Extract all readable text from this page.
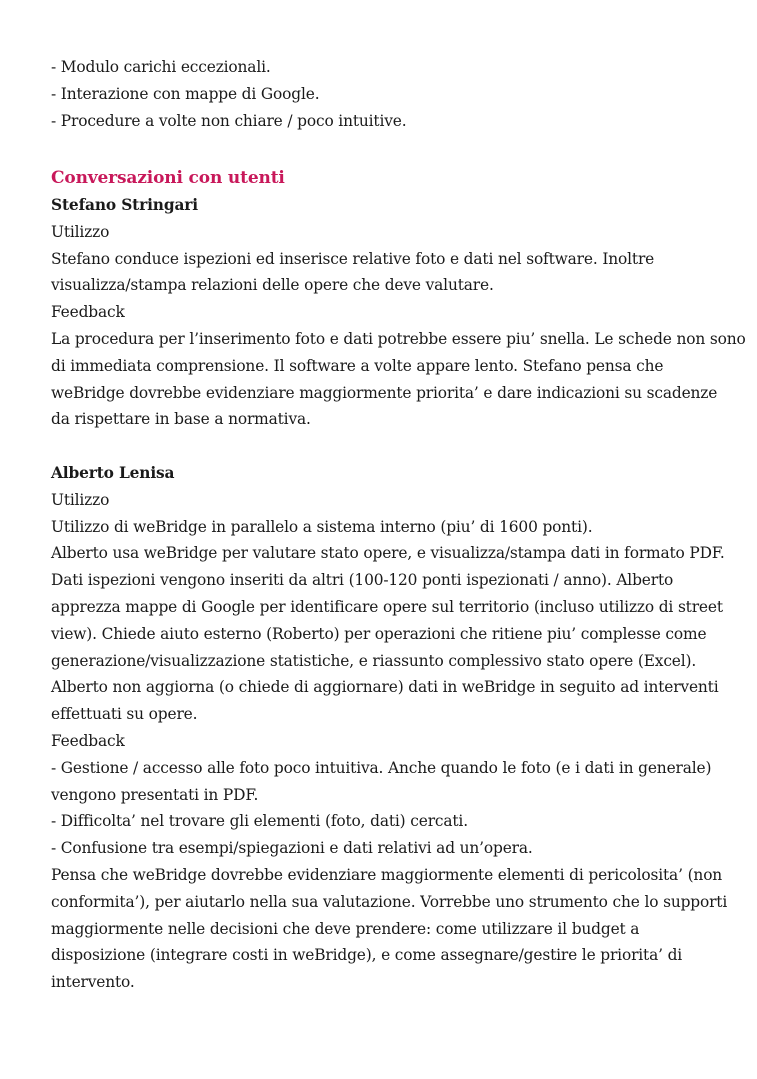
- Modulo carichi eccezionali.
- Interazione con mappe di Google.
- Procedure a volte non chiare / poco intuitive.
Conversazioni con utenti
Stefano Stringari
Utilizzo
Stefano conduce ispezioni ed inserisce relative foto e dati nel software. Inoltre
visualizza/stampa relazioni delle opere che deve valutare.
Feedback
La procedura per l’inserimento foto e dati potrebbe essere piu’ snella. Le schede non sono
di immediata comprensione. Il software a volte appare lento. Stefano pensa che
weBridge dovrebbe evidenziare maggiormente priorita’ e dare indicazioni su scadenze
da rispettare in base a normativa.
Alberto Lenisa
Utilizzo
Utilizzo di weBridge in parallelo a sistema interno (piu’ di 1600 ponti).
Alberto usa weBridge per valutare stato opere, e visualizza/stampa dati in formato PDF.
Dati ispezioni vengono inseriti da altri (100-120 ponti ispezionati / anno). Alberto
apprezza mappe di Google per identificare opere sul territorio (incluso utilizzo di street
view). Chiede aiuto esterno (Roberto) per operazioni che ritiene piu’ complesse come
generazione/visualizzazione statistiche, e riassunto complessivo stato opere (Excel).
Alberto non aggiorna (o chiede di aggiornare) dati in weBridge in seguito ad interventi
effettuati su opere.
Feedback
- Gestione / accesso alle foto poco intuitiva. Anche quando le foto (e i dati in generale)
vengono presentati in PDF.
- Difficolta’ nel trovare gli elementi (foto, dati) cercati.
- Confusione tra esempi/spiegazioni e dati relativi ad un’opera.
Pensa che weBridge dovrebbe evidenziare maggiormente elementi di pericolosita’ (non
conformita’), per aiutarlo nella sua valutazione. Vorrebbe uno strumento che lo supporti
maggiormente nelle decisioni che deve prendere: come utilizzare il budget a
disposizione (integrare costi in weBridge), e come assegnare/gestire le priorita’ di
intervento.
